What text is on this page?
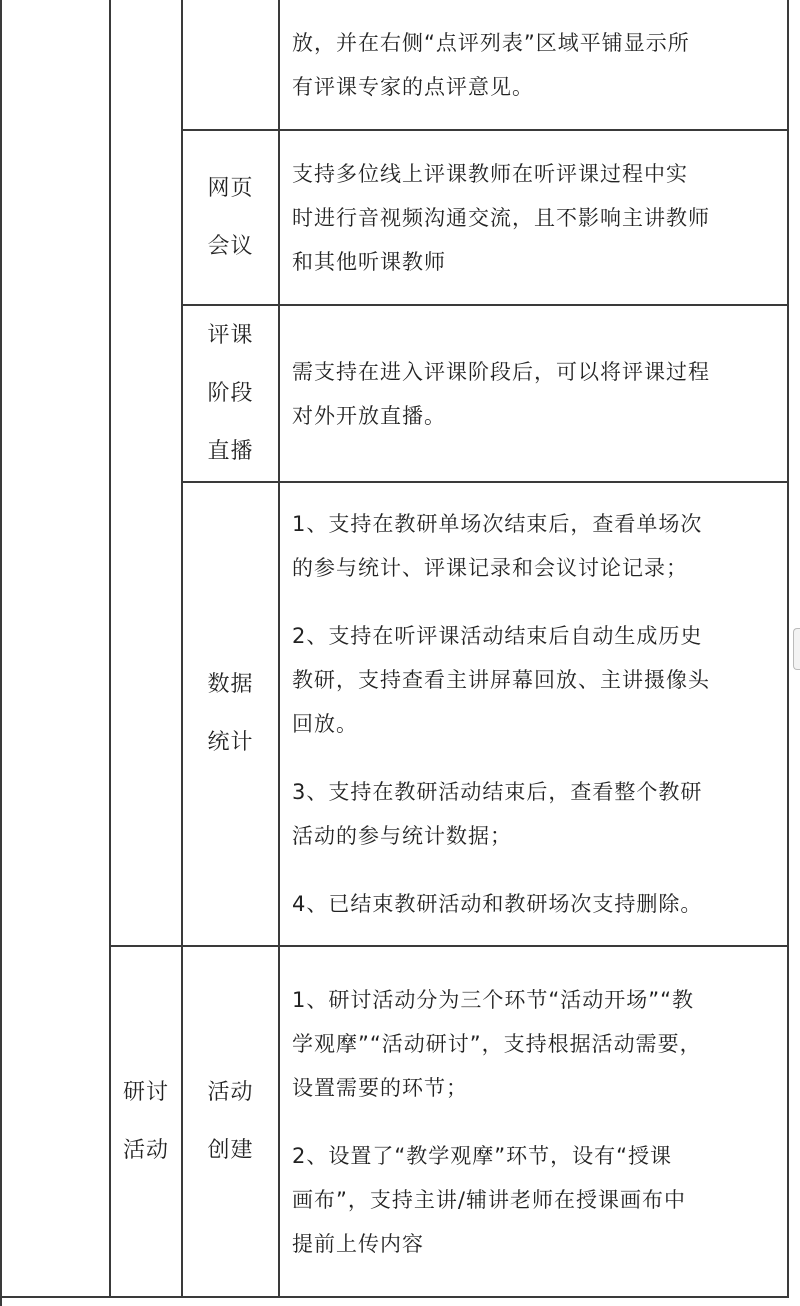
放，并在右侧“点评列表”区域平铺显示所
有评课专家的点评意见。
网页
会议
支持多位线上评课教师在听评课过程中实
时进行音视频沟通交流，且不影响主讲教师
和其他听课教师
评课
阶段
直播
需支持在进入评课阶段后，可以将评课过程
对外开放直播。
数据
统计

1、支持在教研单场次结束后，查看单场次
的参与统计、评课记录和会议讨论记录；

2、支持在听评课活动结束后自动生成历史
教研，支持查看主讲屏幕回放、主讲摄像头
回放。

3、支持在教研活动结束后，查看整个教研
活动的参与统计数据；

4、已结束教研活动和教研场次支持删除。

研讨
活动
活动
创建

1、研讨活动分为三个环节“活动开场”“教
学观摩”“活动研讨”，支持根据活动需要，
设置需要的环节；

2、设置了“教学观摩”环节，设有“授课
画布”，支持主讲/辅讲老师在授课画布中
提前上传内容
